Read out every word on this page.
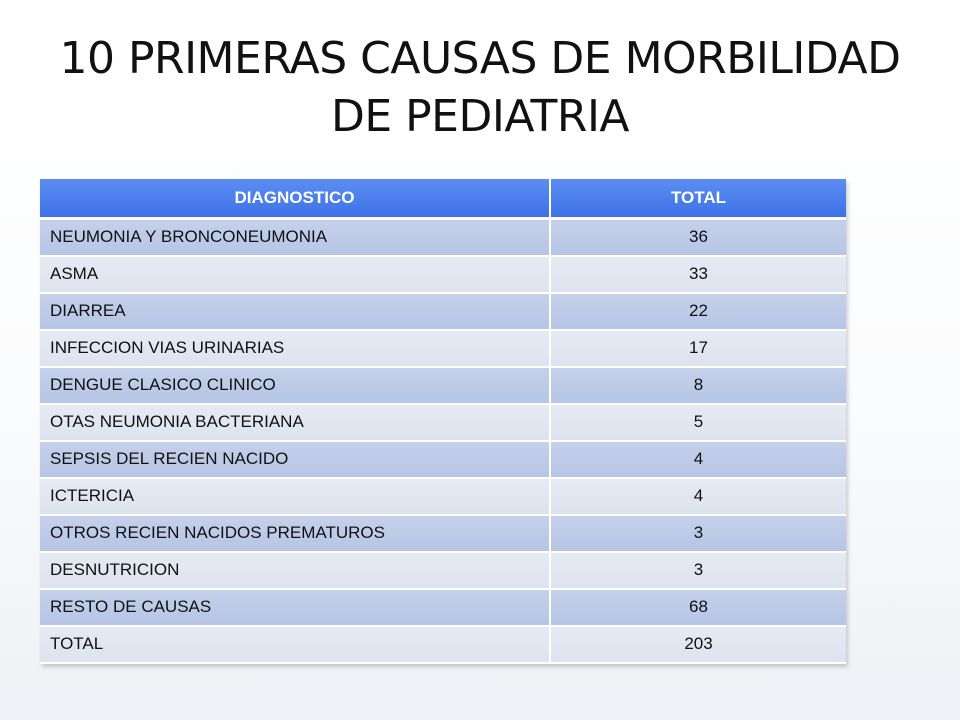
10 PRIMERAS CAUSAS DE MORBILIDAD
DE PEDIATRIA
DIAGNOSTICO	TOTAL
NEUMONIA Y BRONCONEUMONIA	36
ASMA	33
DIARREA	22
INFECCION VIAS URINARIAS	17
DENGUE CLASICO CLINICO	8
OTAS NEUMONIA BACTERIANA	5
SEPSIS DEL RECIEN NACIDO	4
ICTERICIA	4
OTROS RECIEN NACIDOS PREMATUROS	3
DESNUTRICION	3
RESTO DE CAUSAS	68
TOTAL	203
